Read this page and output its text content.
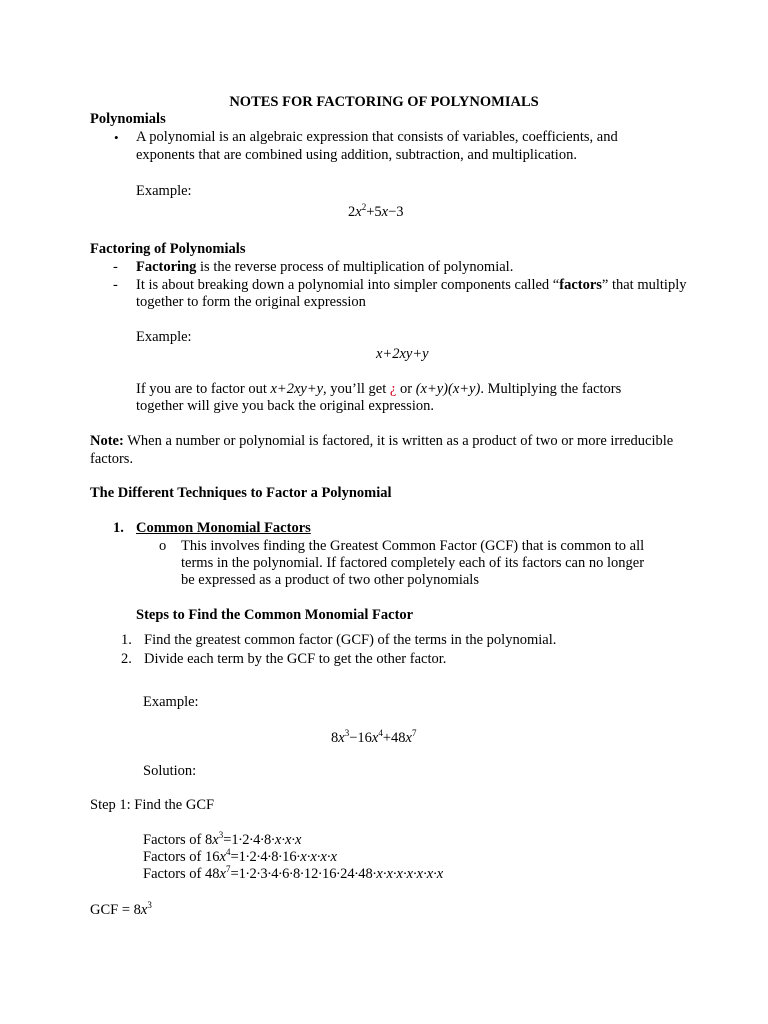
NOTES FOR FACTORING OF POLYNOMIALS
Polynomials
• A polynomial is an algebraic expression that consists of variables, coefficients, and
exponents that are combined using addition, subtraction, and multiplication.
Example:
$2x^2+5x-3$
Factoring of Polynomials
- Factoring is the reverse process of multiplication of polynomial.
- It is about breaking down a polynomial into simpler components called “factors” that multiply
together to form the original expression
Example:
x+2xy+y
If you are to factor out x+2xy+y, you’ll get ¿ or (x+y)(x+y). Multiplying the factors
together will give you back the original expression.
Note: When a number or polynomial is factored, it is written as a product of two or more irreducible
factors.
The Different Techniques to Factor a Polynomial
1. Common Monomial Factors
o This involves finding the Greatest Common Factor (GCF) that is common to all
terms in the polynomial. If factored completely each of its factors can no longer
be expressed as a product of two other polynomials
Steps to Find the Common Monomial Factor
1. Find the greatest common factor (GCF) of the terms in the polynomial.
2. Divide each term by the GCF to get the other factor.
Example:
$8x^3-16x^4+48x^7$
Solution:
Step 1: Find the GCF
Factors of $8x^3=1\cdot 2\cdot 4\cdot 8\cdot x\cdot x\cdot x$
Factors of $16x^4=1\cdot 2\cdot 4\cdot 8\cdot 16\cdot x\cdot x\cdot x\cdot x$
Factors of $48x^7=1\cdot 2\cdot 3\cdot 4\cdot 6\cdot 8\cdot 12\cdot 16\cdot 24\cdot 48\cdot x\cdot x\cdot x\cdot x\cdot x\cdot x\cdot x$
GCF = $8x^3$
